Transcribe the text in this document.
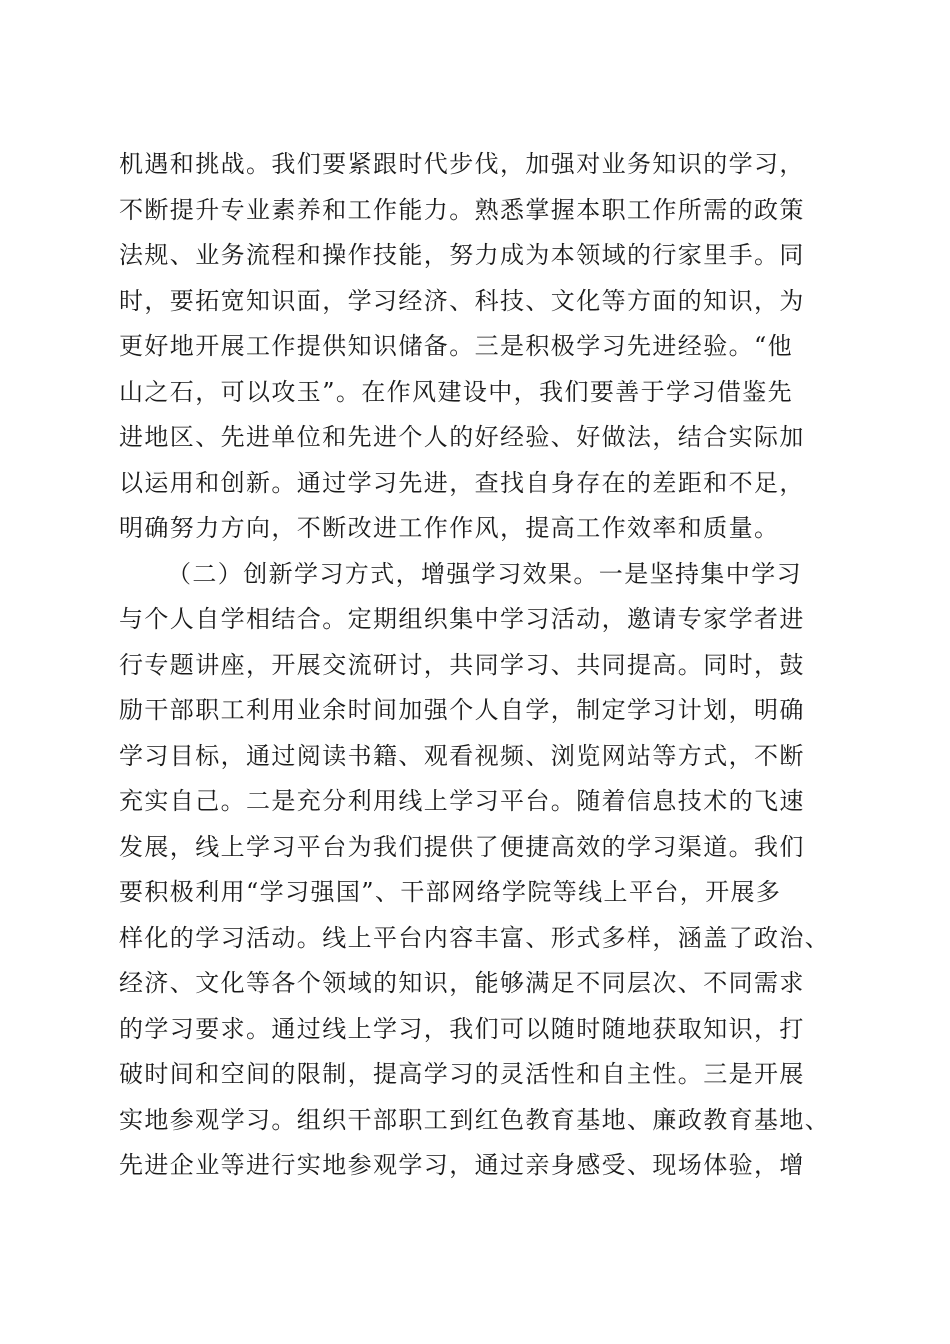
机遇和挑战。我们要紧跟时代步伐，加强对业务知识的学习，
不断提升专业素养和工作能力。熟悉掌握本职工作所需的政策
法规、业务流程和操作技能，努力成为本领域的行家里手。同
时，要拓宽知识面，学习经济、科技、文化等方面的知识，为
更好地开展工作提供知识储备。三是积极学习先进经验。“他
山之石，可以攻玉”。在作风建设中，我们要善于学习借鉴先
进地区、先进单位和先进个人的好经验、好做法，结合实际加
以运用和创新。通过学习先进，查找自身存在的差距和不足，
明确努力方向，不断改进工作作风，提高工作效率和质量。
（二）创新学习方式，增强学习效果。一是坚持集中学习
与个人自学相结合。定期组织集中学习活动，邀请专家学者进
行专题讲座，开展交流研讨，共同学习、共同提高。同时，鼓
励干部职工利用业余时间加强个人自学，制定学习计划，明确
学习目标，通过阅读书籍、观看视频、浏览网站等方式，不断
充实自己。二是充分利用线上学习平台。随着信息技术的飞速
发展，线上学习平台为我们提供了便捷高效的学习渠道。我们
要积极利用“学习强国”、干部网络学院等线上平台，开展多
样化的学习活动。线上平台内容丰富、形式多样，涵盖了政治、
经济、文化等各个领域的知识，能够满足不同层次、不同需求
的学习要求。通过线上学习，我们可以随时随地获取知识，打
破时间和空间的限制，提高学习的灵活性和自主性。三是开展
实地参观学习。组织干部职工到红色教育基地、廉政教育基地、
先进企业等进行实地参观学习，通过亲身感受、现场体验，增
